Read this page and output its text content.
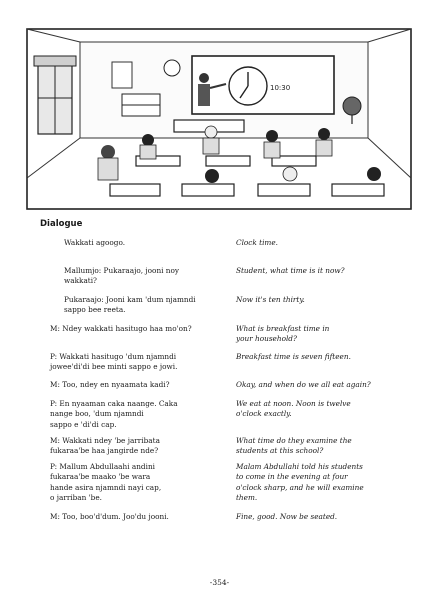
10:30
Dialogue
Wakkati agoogo.	Clock time.
Mallumjo: Pukaraajo, jooni noy
wakkati?
Student, what time is it now?
Pukaraajo: Jooni kam 'dum njamndi
sappo bee reeta.
Now it's ten thirty.
M: Ndey wakkati hasitugo haa mo'on?	What is breakfast time in
your household?
P: Wakkati hasitugo 'dum njamndi
jowee'di'di bee minti sappo e jowi.
Breakfast time is seven fifteen.
M: Too, ndey en nyaamata kadi?	Okay, and when do we all eat again?
P: En nyaaman caka naange. Caka
nange boo, 'dum njamndi
sappo e 'di'di cap.
We eat at noon. Noon is twelve
o'clock exactly.
M: Wakkati ndey 'be jarribata
fukaraa'be haa jangirde nde?
What time do they examine the
students at this school?
P: Mallum Abdullaahi andini
fukaraa'be maako 'be wara
hande asira njamndi nayi cap,
o jarriban 'be.
Malam Abdullahi told his students
to come in the evening at four
o'clock sharp, and he will examine
them.
M: Too, boo'd'dum. Joo'du jooni.	Fine, good. Now be seated.
-354-
